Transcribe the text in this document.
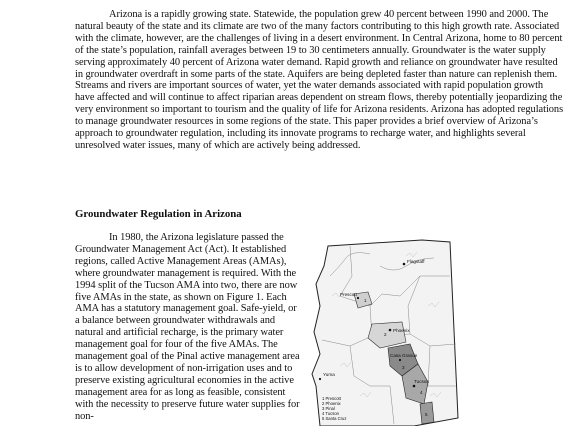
Arizona is a rapidly growing state. Statewide, the population grew 40 percent between 1990 and 2000. The natural beauty of the state and its climate are two of the many factors contributing to this high growth rate. Associated with the climate, however, are the challenges of living in a desert environment. In Central Arizona, home to 80 percent of the state’s population, rainfall averages between 19 to 30 centimeters annually. Groundwater is the water supply serving approximately 40 percent of Arizona water demand. Rapid growth and reliance on groundwater have resulted in groundwater overdraft in some parts of the state. Aquifers are being depleted faster than nature can replenish them. Streams and rivers are important sources of water, yet the water demands associated with rapid population growth have affected and will continue to affect riparian areas dependent on stream flows, thereby potentially jeopardizing the very environment so important to tourism and the quality of life for Arizona residents. Arizona has adopted regulations to manage groundwater resources in some regions of the state. This paper provides a brief overview of Arizona’s approach to groundwater regulation, including its innovate programs to recharge water, and highlights several unresolved water issues, many of which are actively being addressed.

Groundwater Regulation in Arizona

In 1980, the Arizona legislature passed the Groundwater Management Act (Act). It established regions, called Active Management Areas (AMAs), where groundwater management is required. With the 1994 split of the Tucson AMA into two, there are now five AMAs in the state, as shown on Figure 1. Each AMA has a statutory management goal. Safe-yield, or a balance between groundwater withdrawals and natural and artificial recharge, is the primary water management goal for four of the five AMAs. The management goal of the Pinal active management area is to allow development of non-irrigation uses and to preserve existing agricultural economies in the active management area for as long as feasible, consistent with the necessity to preserve future water supplies for non-

Flagstaff
Prescott
Phoenix
Casa Grande
Tucson
Yuma
1
2
3
4
5
1 Prescott
2 Phoenix
3 Pinal
4 Tucson
5 Santa Cruz
